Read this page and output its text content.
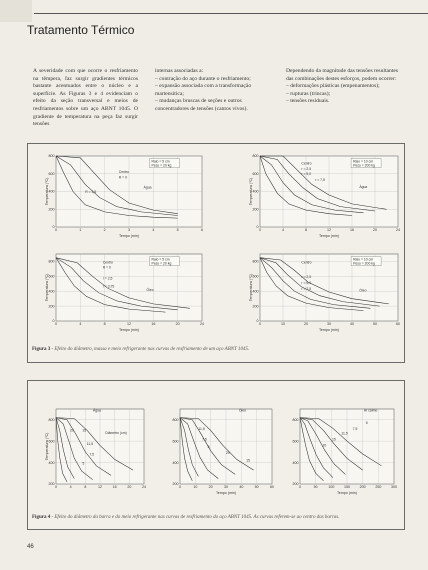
Tratamento Térmico

A severidade com que ocorre o resfriamento na têmpera, faz surgir gradientes térmicos bastante acentuados entre o núcleo e a superfície. As Figuras 3 e 4 evidenciam o efeito da seção transversal e meios de resfriamentos sobre um aço ABNT 1045. O gradiente de temperatura na peça faz surgir tensões

internas associadas a:

– contração do aço durante o resfriamento;

– expansão associada com a transformação martensítica;

– mudanças bruscas de seções e outros concentradores de tensões (cantos vivos).

Dependendo da magnitude das tensões resultantes das combinações destes esforços, podem ocorrer:

– deformações plásticas (empenamentos);

– rupturas (trincas);

– tensões residuais.

0	1	2	3	4	5	6
800
600
400
200
0
Tempo (min)
Temperatura (°C)
Raio = 5 cm
Peso = 20 kg
Centro
R = 0
R = 3,5
Água
0	4	8	12	16	20	24
800
600
400
200
0
Tempo (min)
Temperatura (°C)
Raio = 10 cm
Peso = 200 kg
Centro
r = 2,5
r = 5,0
r = 7,5
Água
0	4	8	12	16	20	24
800
600
400
200
0
Tempo (min)
Temperatura (°C)
Raio = 5 cm
Peso = 20 kg
Centro
R = 0
r = 2,5
r = 3,75
Óleo
0	10	20	30	40	50	60
800
600
400
200
0
Tempo (min)
Temperatura (°C)
Raio = 10 cm
Peso = 200 kg
Centro
r = 2,5
r = 5,0
r = 7,5	Óleo
Figura 3 - Efeito do diâmetro, massa e meio refrigerante nas curvas de resfriamento de um aço ABNT 1045.
0	4	8	12	16	20	24
800
600
400
200
Temperatura (°C)
Água
Diâmetro (cm)
20	15
11,5
7,5
5
0	10	20	30	40	50	60
800
600
400
200
Tempo (min)
Óleo
11,5
7,5
5
20
15
0	50	100	150	200	250	300
800
600
400
200
Tempo (min)
Ar calmo
20
15
11,5
7,5
5
Figura 4 - Efeito do diâmetro da barra e do meio refrigerante nas curvas de resfriamento do aço ABNT 1045. As curvas referem-se ao centro das barras.
46
